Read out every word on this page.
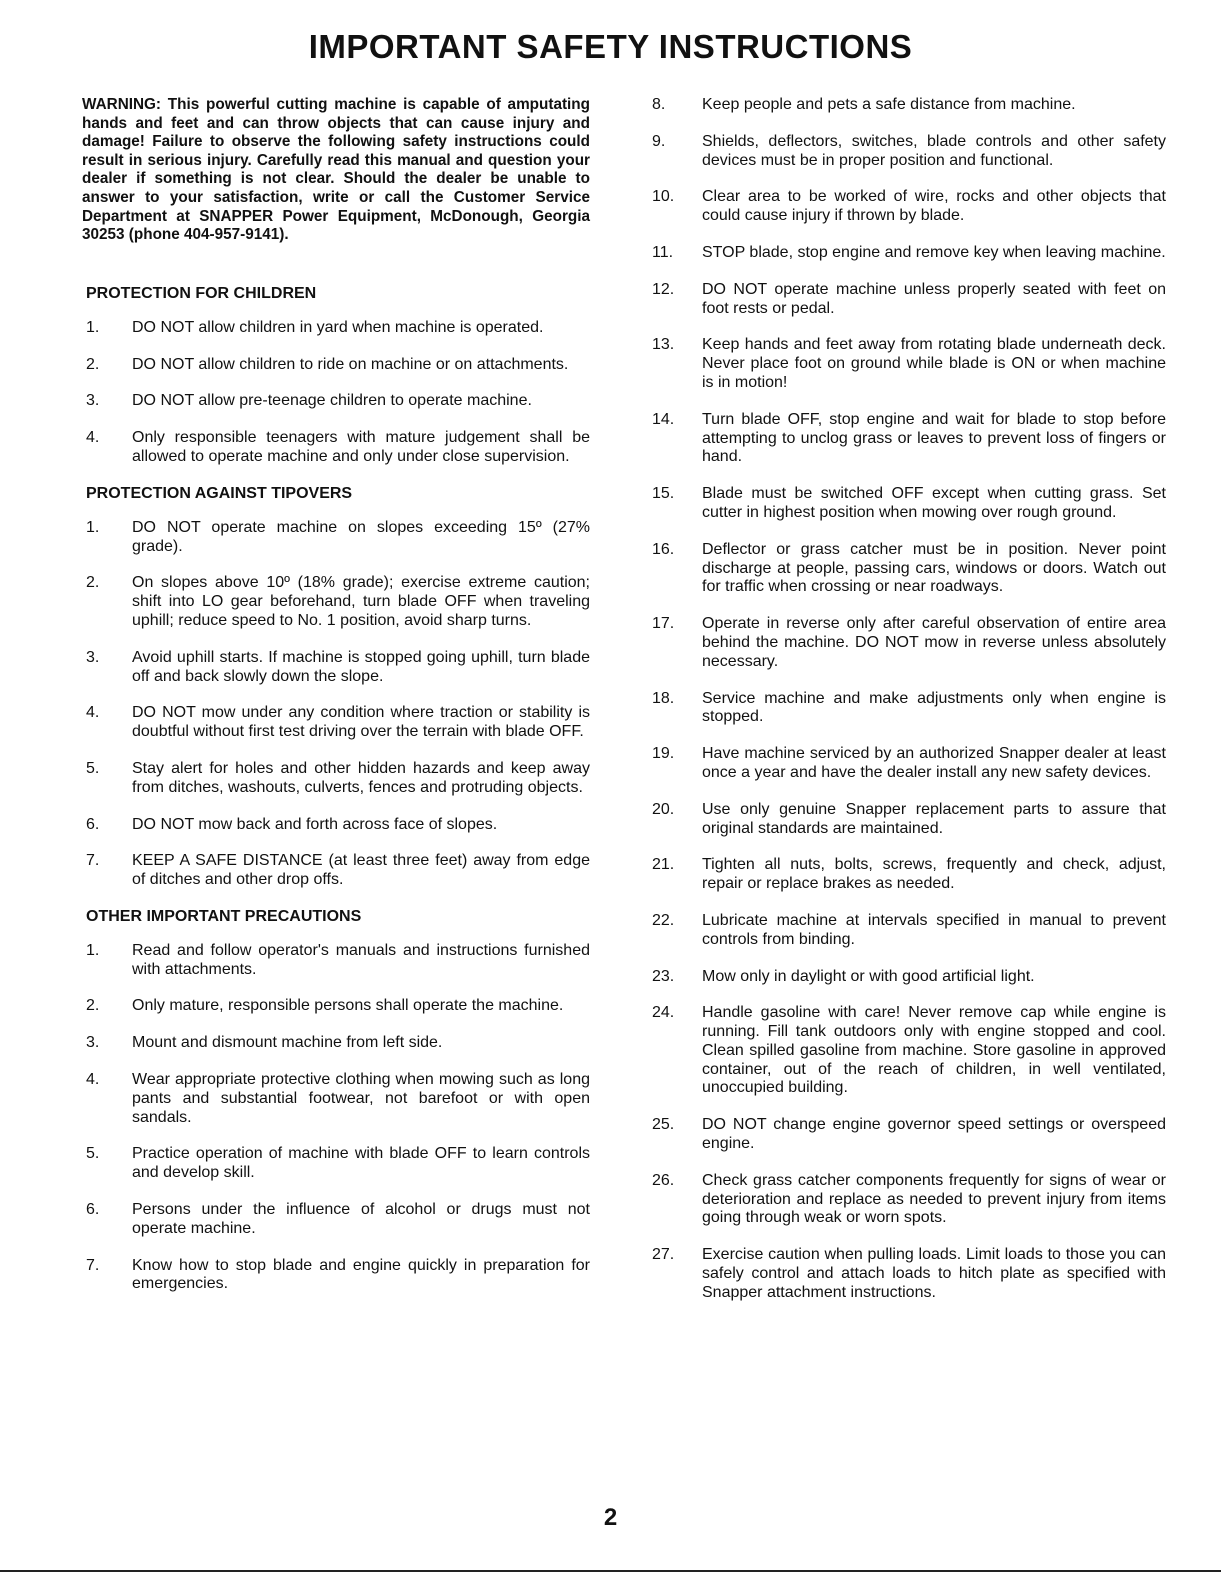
IMPORTANT SAFETY INSTRUCTIONS

WARNING: This powerful cutting machine is capable of amputating hands and feet and can throw objects that can cause injury and damage! Failure to observe the following safety instructions could result in serious injury. Carefully read this manual and question your dealer if something is not clear. Should the dealer be unable to answer to your satisfaction, write or call the Customer Service Department at SNAPPER Power Equipment, McDonough, Georgia 30253 (phone 404-957-9141).

PROTECTION FOR CHILDREN
1.	DO NOT allow children in yard when machine is operated.
2.	DO NOT allow children to ride on machine or on attachments.
3.	DO NOT allow pre-teenage children to operate machine.
4.	Only responsible teenagers with mature judgement shall be allowed to operate machine and only under close supervision.
PROTECTION AGAINST TIPOVERS
1.	DO NOT operate machine on slopes exceeding 15º (27% grade).
2.	On slopes above 10º (18% grade); exercise extreme caution; shift into LO gear beforehand, turn blade OFF when traveling uphill; reduce speed to No. 1 position, avoid sharp turns.
3.	Avoid uphill starts. If machine is stopped going uphill, turn blade off and back slowly down the slope.
4.	DO NOT mow under any condition where traction or stability is doubtful without first test driving over the terrain with blade OFF.
5.	Stay alert for holes and other hidden hazards and keep away from ditches, washouts, culverts, fences and protruding objects.
6.	DO NOT mow back and forth across face of slopes.
7.	KEEP A SAFE DISTANCE (at least three feet) away from edge of ditches and other drop offs.
OTHER IMPORTANT PRECAUTIONS
1.	Read and follow operator's manuals and instructions furnished with attachments.
2.	Only mature, responsible persons shall operate the machine.
3.	Mount and dismount machine from left side.
4.	Wear appropriate protective clothing when mowing such as long pants and substantial footwear, not barefoot or with open sandals.
5.	Practice operation of machine with blade OFF to learn controls and develop skill.
6.	Persons under the influence of alcohol or drugs must not operate machine.
7.	Know how to stop blade and engine quickly in preparation for emergencies.
8.	Keep people and pets a safe distance from machine.
9.	Shields, deflectors, switches, blade controls and other safety devices must be in proper position and functional.
10.	Clear area to be worked of wire, rocks and other objects that could cause injury if thrown by blade.
11.	STOP blade, stop engine and remove key when leaving machine.
12.	DO NOT operate machine unless properly seated with feet on foot rests or pedal.
13.	Keep hands and feet away from rotating blade underneath deck. Never place foot on ground while blade is ON or when machine is in motion!
14.	Turn blade OFF, stop engine and wait for blade to stop before attempting to unclog grass or leaves to prevent loss of fingers or hand.
15.	Blade must be switched OFF except when cutting grass. Set cutter in highest position when mowing over rough ground.
16.	Deflector or grass catcher must be in position. Never point discharge at people, passing cars, windows or doors. Watch out for traffic when crossing or near roadways.
17.	Operate in reverse only after careful observation of entire area behind the machine. DO NOT mow in reverse unless absolutely necessary.
18.	Service machine and make adjustments only when engine is stopped.
19.	Have machine serviced by an authorized Snapper dealer at least once a year and have the dealer install any new safety devices.
20.	Use only genuine Snapper replacement parts to assure that original standards are maintained.
21.	Tighten all nuts, bolts, screws, frequently and check, adjust, repair or replace brakes as needed.
22.	Lubricate machine at intervals specified in manual to prevent controls from binding.
23.	Mow only in daylight or with good artificial light.
24.	Handle gasoline with care! Never remove cap while engine is running. Fill tank outdoors only with engine stopped and cool. Clean spilled gasoline from machine. Store gasoline in approved container, out of the reach of children, in well ventilated, unoccupied building.
25.	DO NOT change engine governor speed settings or overspeed engine.
26.	Check grass catcher components frequently for signs of wear or deterioration and replace as needed to prevent injury from items going through weak or worn spots.
27.	Exercise caution when pulling loads. Limit loads to those you can safely control and attach loads to hitch plate as specified with Snapper attachment instructions.
2
